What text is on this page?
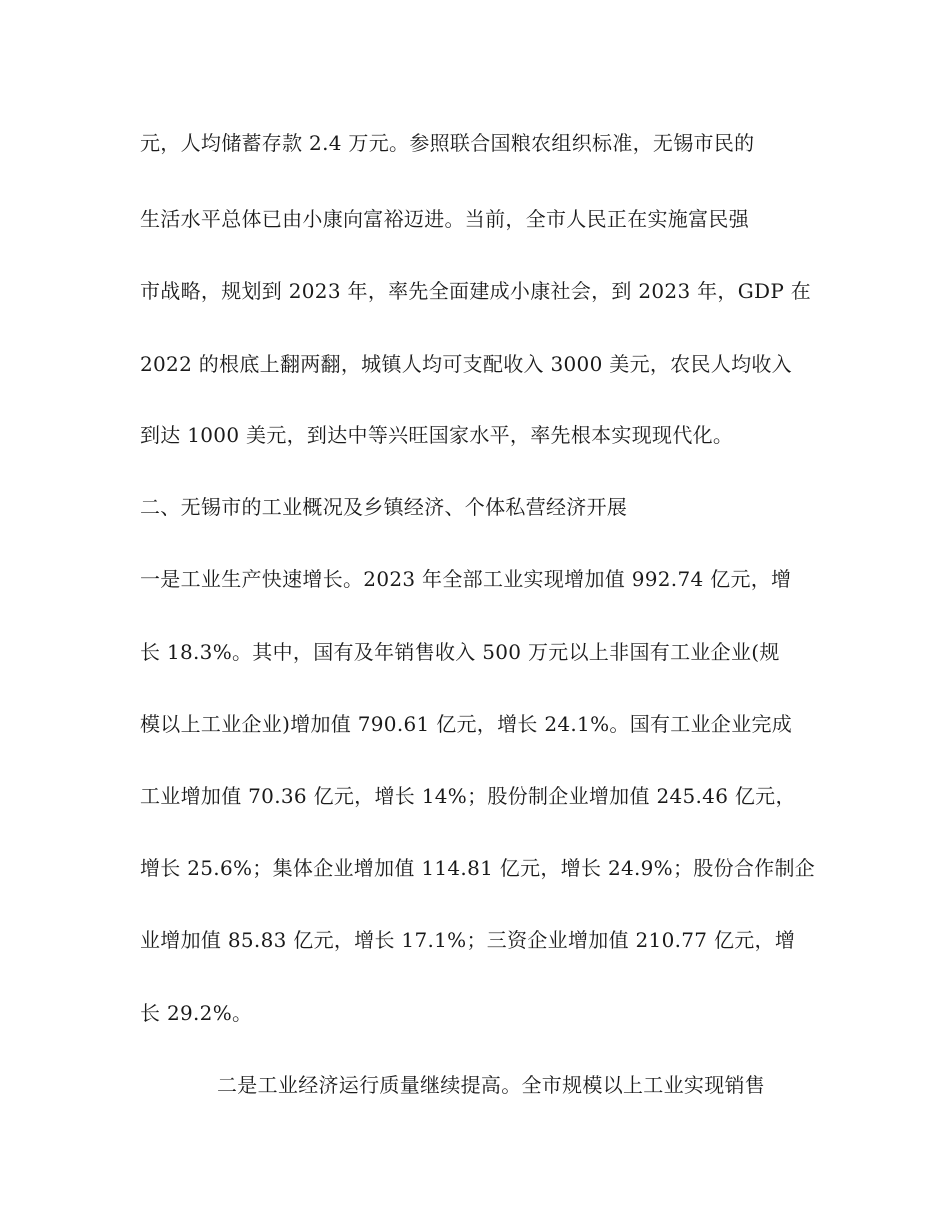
元，人均储蓄存款 2.4 万元。参照联合国粮农组织标准，无锡市民的
生活水平总体已由小康向富裕迈进。当前，全市人民正在实施富民强
市战略，规划到 2023 年，率先全面建成小康社会，到 2023 年，GDP 在
2022 的根底上翻两翻，城镇人均可支配收入 3000 美元，农民人均收入
到达 1000 美元，到达中等兴旺国家水平，率先根本实现现代化。
二、无锡市的工业概况及乡镇经济、个体私营经济开展
一是工业生产快速增长。2023 年全部工业实现增加值 992.74 亿元，增
长 18.3%。其中，国有及年销售收入 500 万元以上非国有工业企业(规
模以上工业企业)增加值 790.61 亿元，增长 24.1%。国有工业企业完成
工业增加值 70.36 亿元，增长 14%；股份制企业增加值 245.46 亿元，
增长 25.6%；集体企业增加值 114.81 亿元，增长 24.9%；股份合作制企
业增加值 85.83 亿元，增长 17.1%；三资企业增加值 210.77 亿元，增
长 29.2%。
二是工业经济运行质量继续提高。全市规模以上工业实现销售
